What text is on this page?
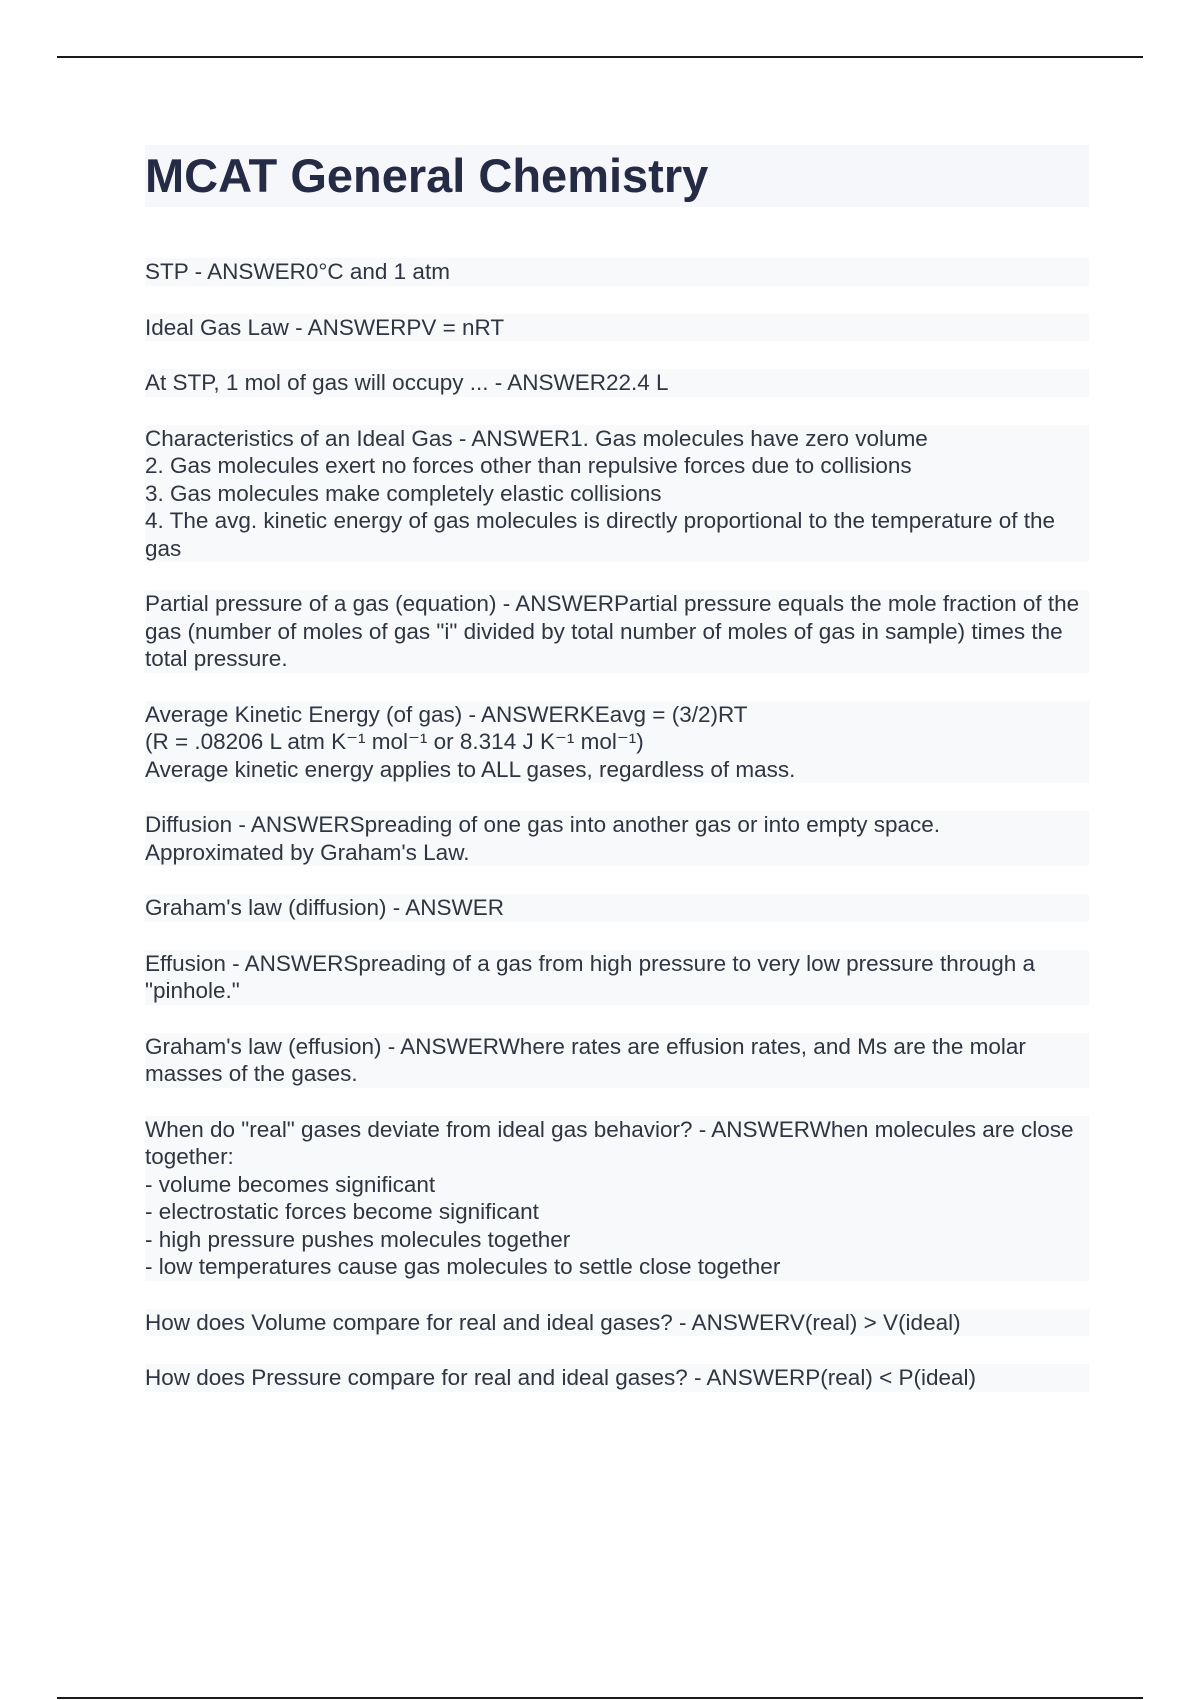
MCAT General Chemistry

STP - ANSWER0°C and 1 atm

Ideal Gas Law - ANSWERPV = nRT

At STP, 1 mol of gas will occupy ... - ANSWER22.4 L

Characteristics of an Ideal Gas - ANSWER1. Gas molecules have zero volume
2. Gas molecules exert no forces other than repulsive forces due to collisions
3. Gas molecules make completely elastic collisions
4. The avg. kinetic energy of gas molecules is directly proportional to the temperature of the gas

Partial pressure of a gas (equation) - ANSWERPartial pressure equals the mole fraction of the gas (number of moles of gas "i" divided by total number of moles of gas in sample) times the total pressure.

Average Kinetic Energy (of gas) - ANSWERKEavg = (3/2)RT
(R = .08206 L atm K⁻¹ mol⁻¹ or 8.314 J K⁻¹ mol⁻¹)
Average kinetic energy applies to ALL gases, regardless of mass.

Diffusion - ANSWERSpreading of one gas into another gas or into empty space.
Approximated by Graham's Law.

Graham's law (diffusion) - ANSWER

Effusion - ANSWERSpreading of a gas from high pressure to very low pressure through a "pinhole."

Graham's law (effusion) - ANSWERWhere rates are effusion rates, and Ms are the molar masses of the gases.

When do "real" gases deviate from ideal gas behavior? - ANSWERWhen molecules are close together:
- volume becomes significant
- electrostatic forces become significant
- high pressure pushes molecules together
- low temperatures cause gas molecules to settle close together

How does Volume compare for real and ideal gases? - ANSWERV(real) > V(ideal)

How does Pressure compare for real and ideal gases? - ANSWERP(real) < P(ideal)
